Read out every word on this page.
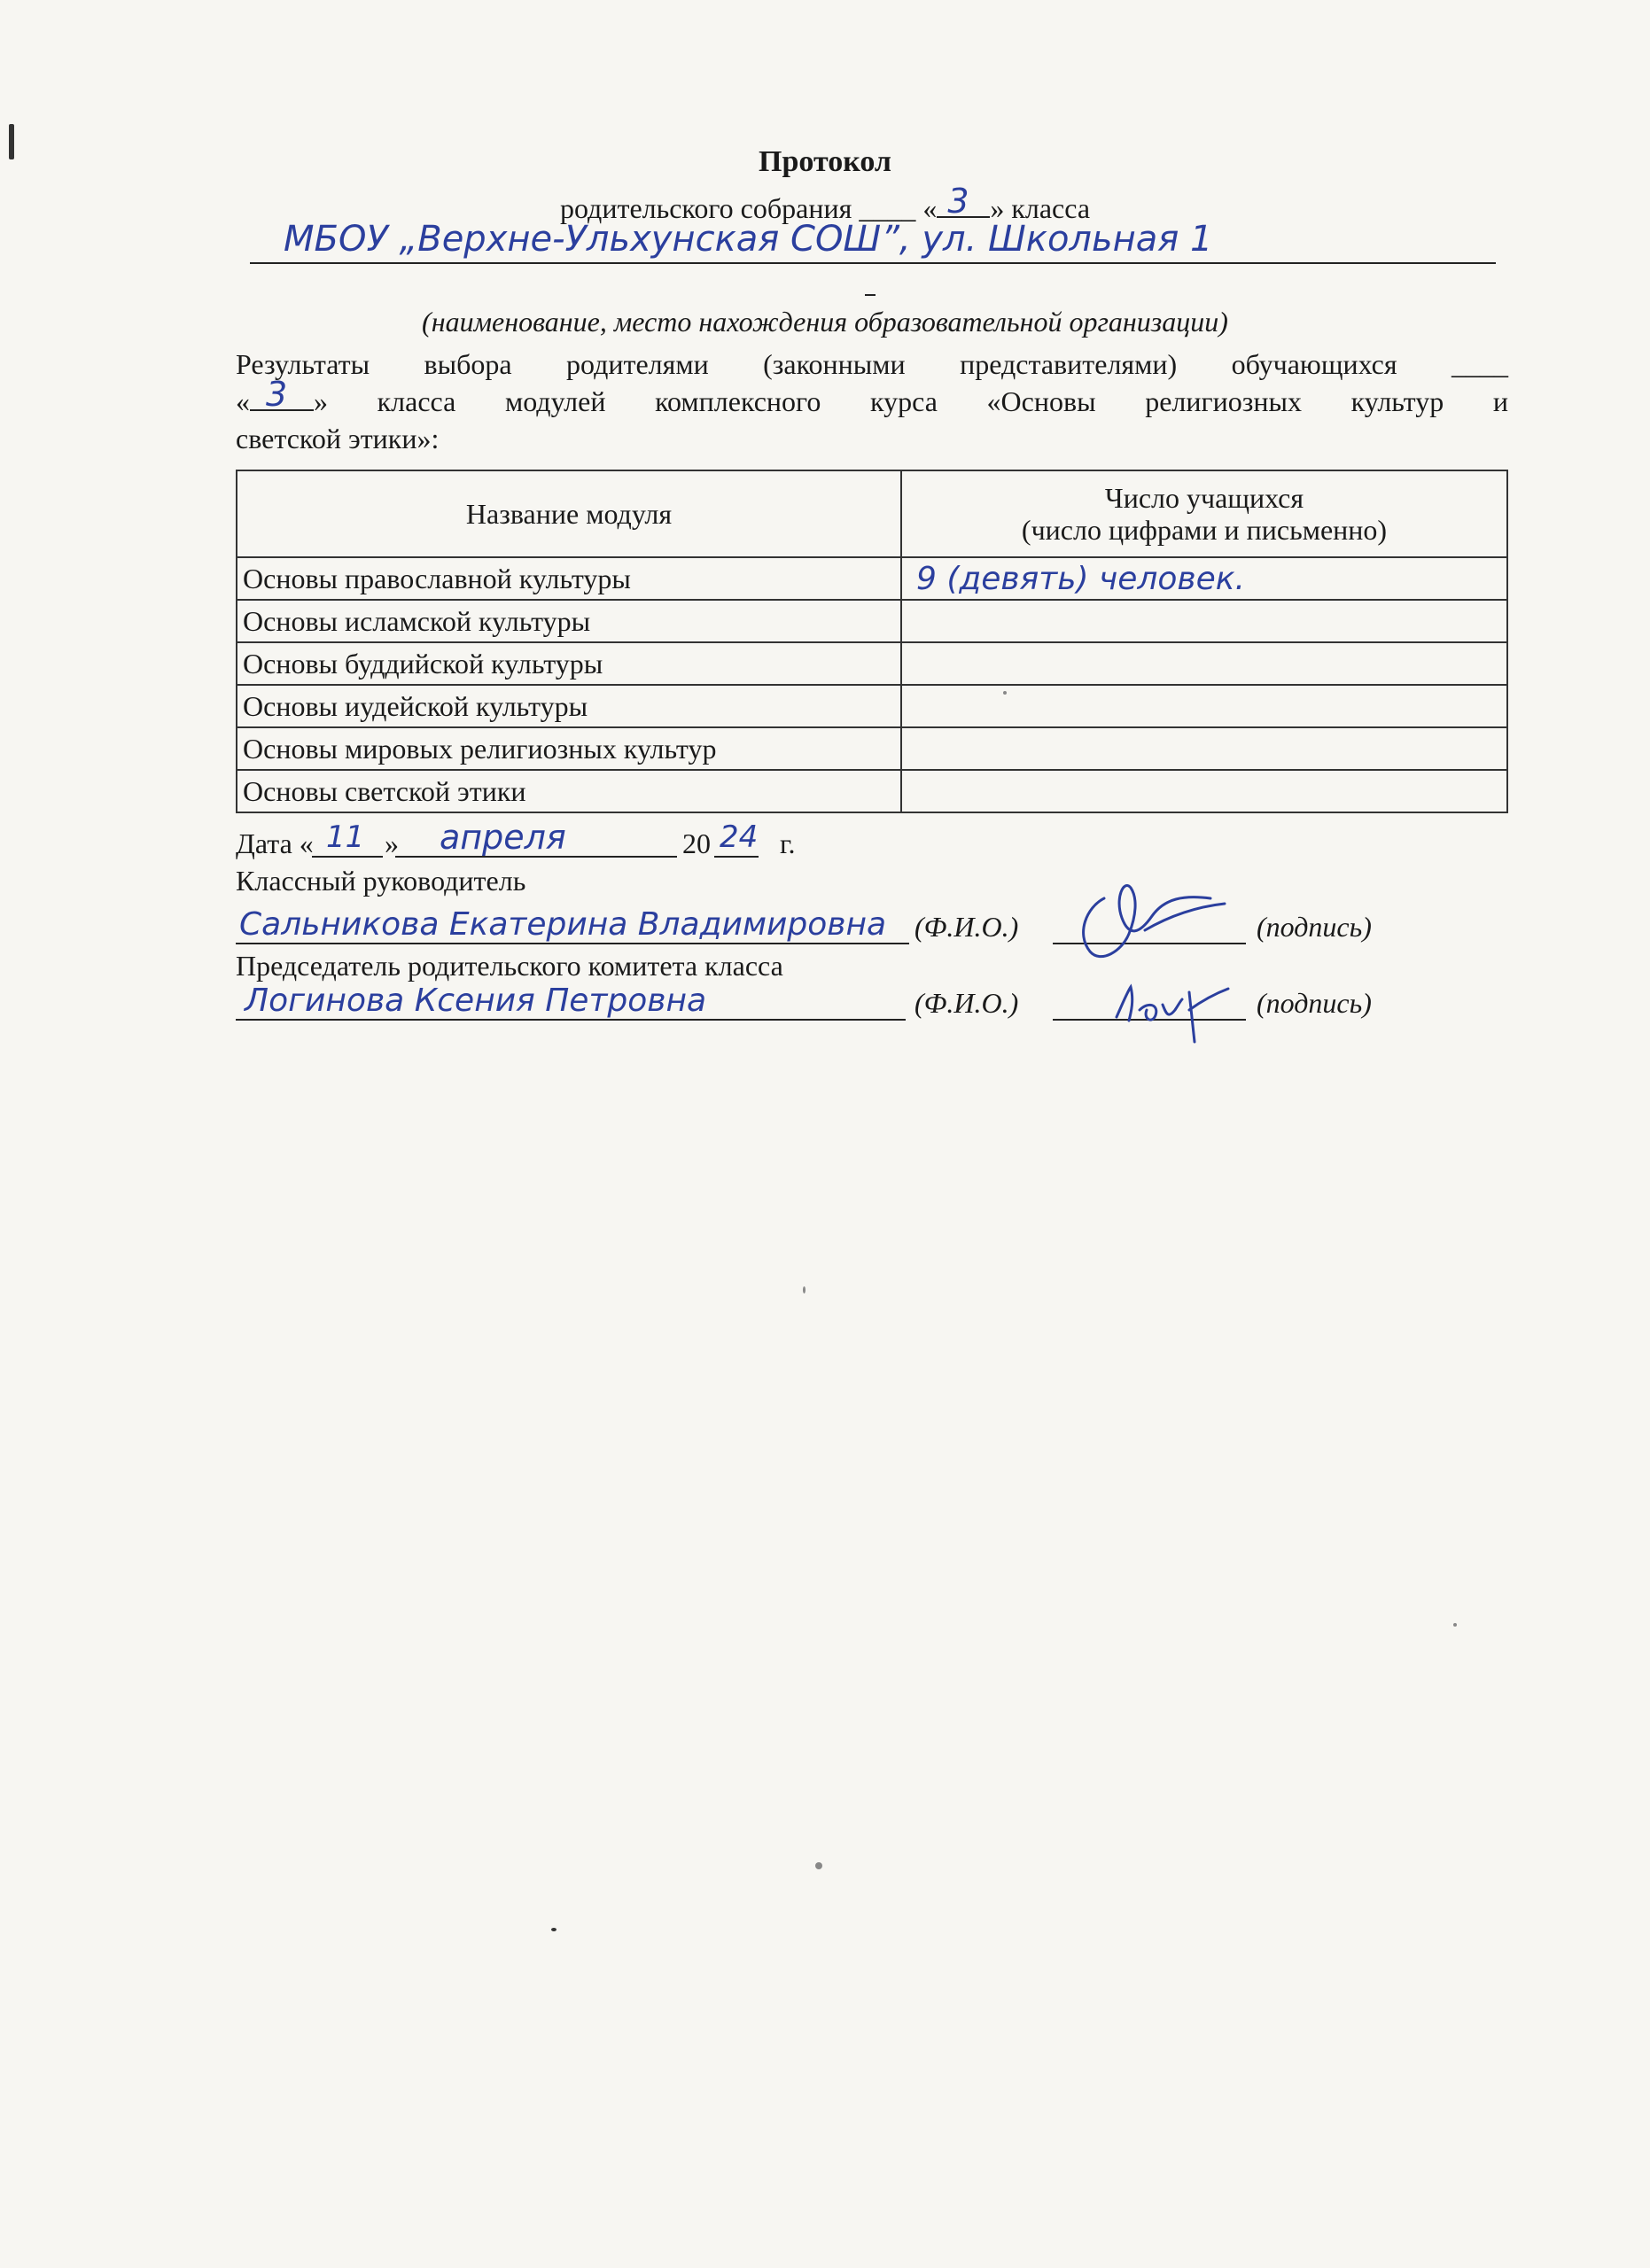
Протокол
родительского собрания ____ « 3 » класса
МБОУ „Верхне-Ульхунская СОШ”, ул. Школьная 1
(наименование, место нахождения образовательной организации)
Результаты выбора родителями (законными представителями) обучающихся ____
« 3 » класса модулей комплексного курса «Основы религиозных культур и
светской этики»:
Название модуля	Число учащихся
(число цифрами и письменно)
Основы православной культуры	9 (девять) человек.

Основы исламской культуры	
Основы буддийской культуры	
Основы иудейской культуры	
Основы мировых религиозных культур	
Основы светской этики	
Дата « 11 » апреля	20 24 г.
Классный руководитель
Сальникова Екатерина Владимировна (Ф.И.О.)	(подпись)
Председатель родительского комитета класса
Логинова Ксения Петровна	(Ф.И.О.)	(подпись)
